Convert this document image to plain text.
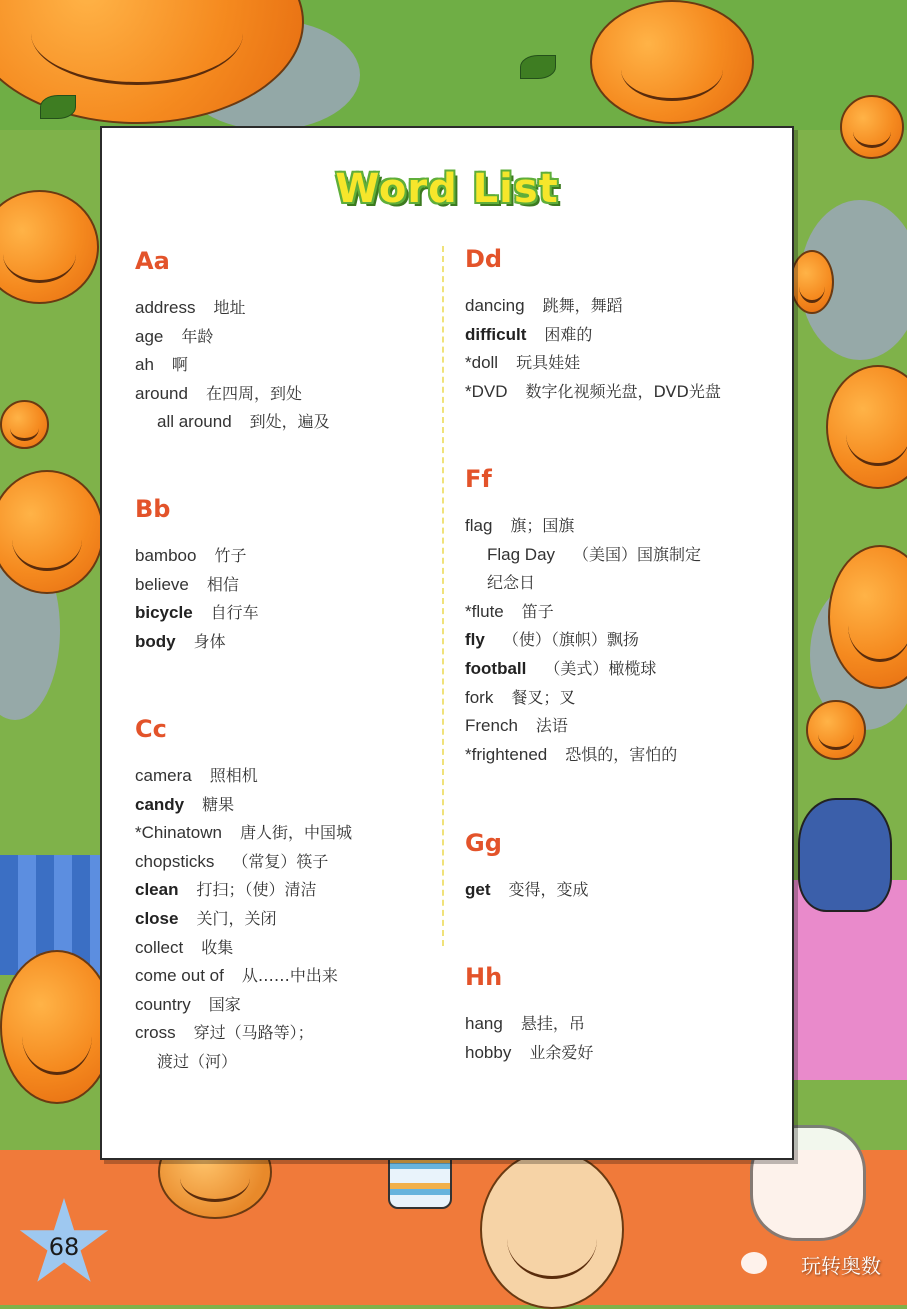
Word List
Aa
address 地址
age 年龄
ah 啊
around 在四周，到处
all around 到处，遍及
Bb
bamboo 竹子
believe 相信
bicycle 自行车
body 身体
Cc
camera 照相机
candy 糖果
*Chinatown 唐人街，中国城
chopsticks （常复）筷子
clean 打扫；（使）清洁
close 关门，关闭
collect 收集
come out of 从……中出来
country 国家
cross 穿过（马路等）；
渡过（河）
Dd
dancing 跳舞，舞蹈
difficult 困难的
*doll 玩具娃娃
*DVD 数字化视频光盘，DVD光盘
Ff
flag 旗；国旗
Flag Day （美国）国旗制定
纪念日
*flute 笛子
fly （使）（旗帜）飘扬
football （美式）橄榄球
fork 餐叉；叉
French 法语
*frightened 恐惧的，害怕的
Gg
get 变得，变成
Hh
hang 悬挂，吊
hobby 业余爱好
68
玩转奥数
